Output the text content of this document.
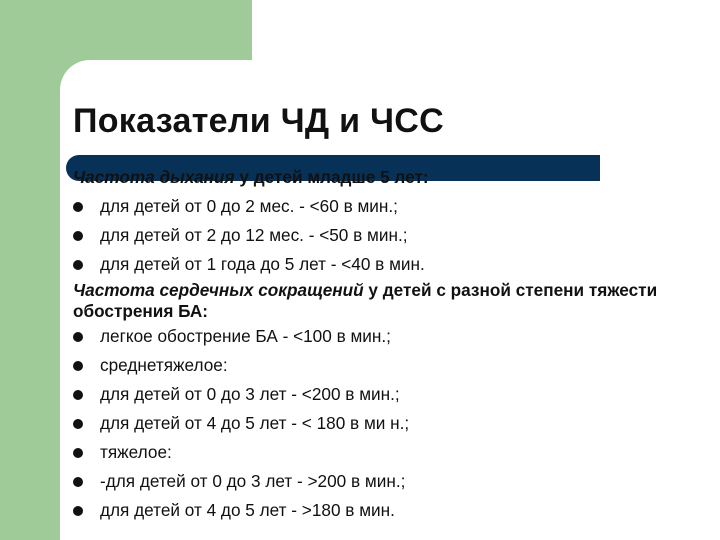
Показатели ЧД и ЧСС
Частота дыхания у детей младше 5 лет:
для детей от 0 до 2 мес. - <60 в мин.;
для детей от 2 до 12 мес. - <50 в мин.;
для детей от 1 года до 5 лет - <40 в мин.
Частота сердечных сокращений у детей с разной степени тяжести обострения БА:
легкое обострение БА - <100 в мин.;
среднетяжелое:
для детей от 0 до 3 лет - <200 в мин.;
для детей от 4 до 5 лет - < 180 в ми н.;
тяжелое:
-для детей от 0 до 3 лет - >200 в мин.;
для детей от 4 до 5 лет - >180 в мин.
